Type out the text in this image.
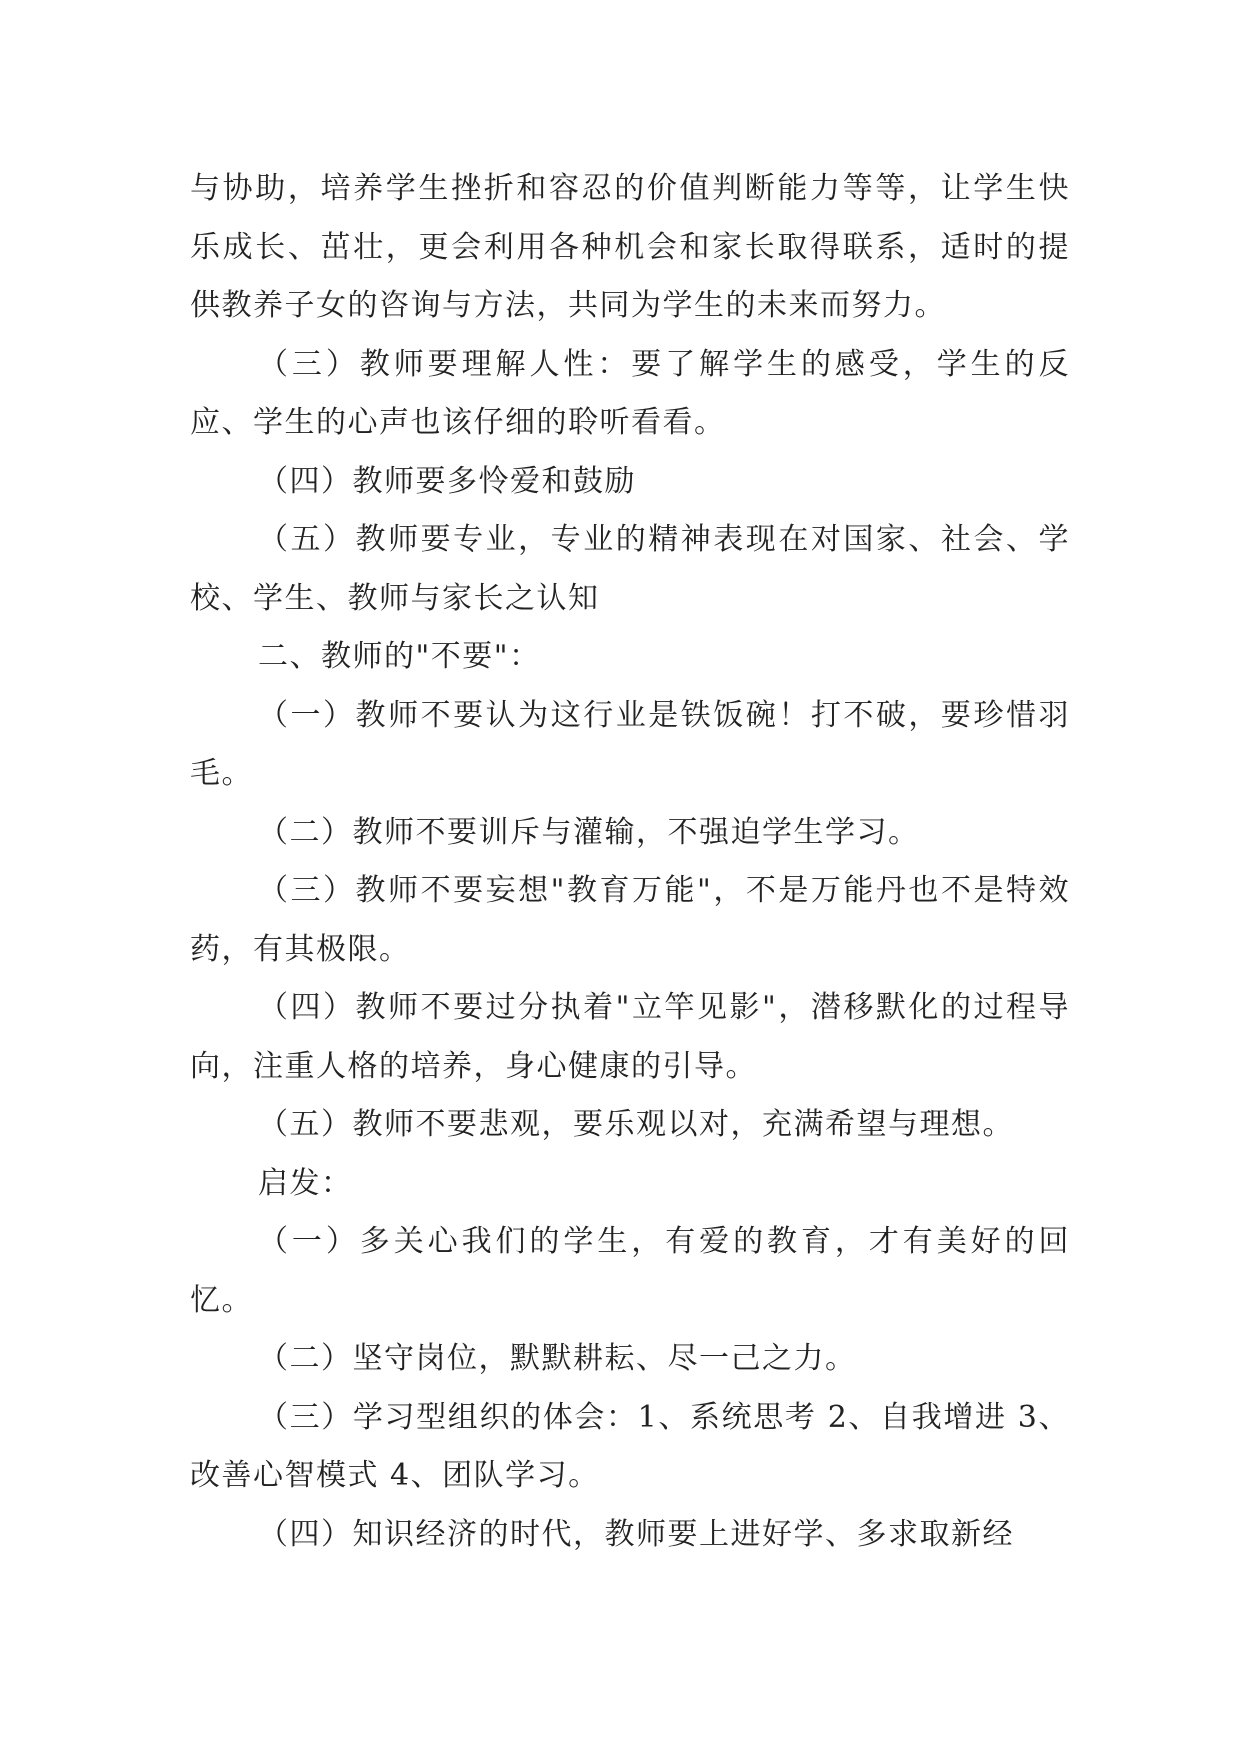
与协助，培养学生挫折和容忍的价值判断能力等等，让学生快乐成长、茁壮，更会利用各种机会和家长取得联系，适时的提供教养子女的咨询与方法，共同为学生的未来而努力。

（三）教师要理解人性：要了解学生的感受，学生的反应、学生的心声也该仔细的聆听看看。

（四）教师要多怜爱和鼓励

（五）教师要专业，专业的精神表现在对国家、社会、学校、学生、教师与家长之认知

二、教师的"不要"：

（一）教师不要认为这行业是铁饭碗！打不破，要珍惜羽毛。

（二）教师不要训斥与灌输，不强迫学生学习。

（三）教师不要妄想"教育万能"，不是万能丹也不是特效药，有其极限。

（四）教师不要过分执着"立竿见影"，潜移默化的过程导向，注重人格的培养，身心健康的引导。

（五）教师不要悲观，要乐观以对，充满希望与理想。

启发：

（一）多关心我们的学生，有爱的教育，才有美好的回忆。

（二）坚守岗位，默默耕耘、尽一己之力。

（三）学习型组织的体会：1、系统思考 2、自我增进 3、改善心智模式 4、团队学习。

（四）知识经济的时代，教师要上进好学、多求取新经
